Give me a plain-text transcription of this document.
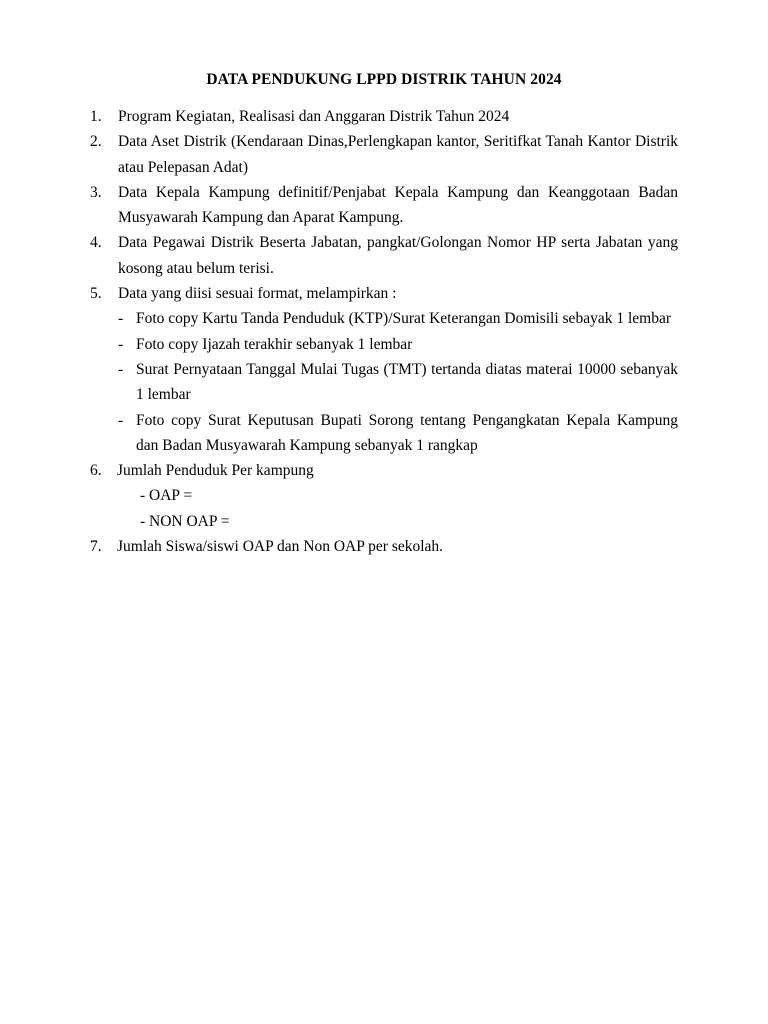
DATA PENDUKUNG LPPD DISTRIK TAHUN 2024
1. Program Kegiatan, Realisasi dan Anggaran Distrik Tahun 2024
2. Data Aset Distrik (Kendaraan Dinas,Perlengkapan kantor, Seritifkat Tanah Kantor Distrik atau Pelepasan Adat)
3. Data Kepala Kampung definitif/Penjabat Kepala Kampung dan Keanggotaan Badan Musyawarah Kampung dan Aparat Kampung.
4. Data Pegawai Distrik Beserta Jabatan, pangkat/Golongan Nomor HP serta Jabatan yang kosong atau belum terisi.
5. Data yang diisi sesuai format, melampirkan :
- Foto copy Kartu Tanda Penduduk (KTP)/Surat Keterangan Domisili sebayak 1 lembar
- Foto copy Ijazah terakhir sebanyak 1 lembar
- Surat Pernyataan Tanggal Mulai Tugas (TMT) tertanda diatas materai 10000 sebanyak 1 lembar
- Foto copy Surat Keputusan Bupati Sorong tentang Pengangkatan Kepala Kampung dan Badan Musyawarah Kampung sebanyak 1 rangkap
6. Jumlah Penduduk Per kampung
- OAP =
- NON OAP =
7. Jumlah Siswa/siswi OAP dan Non OAP per sekolah.
